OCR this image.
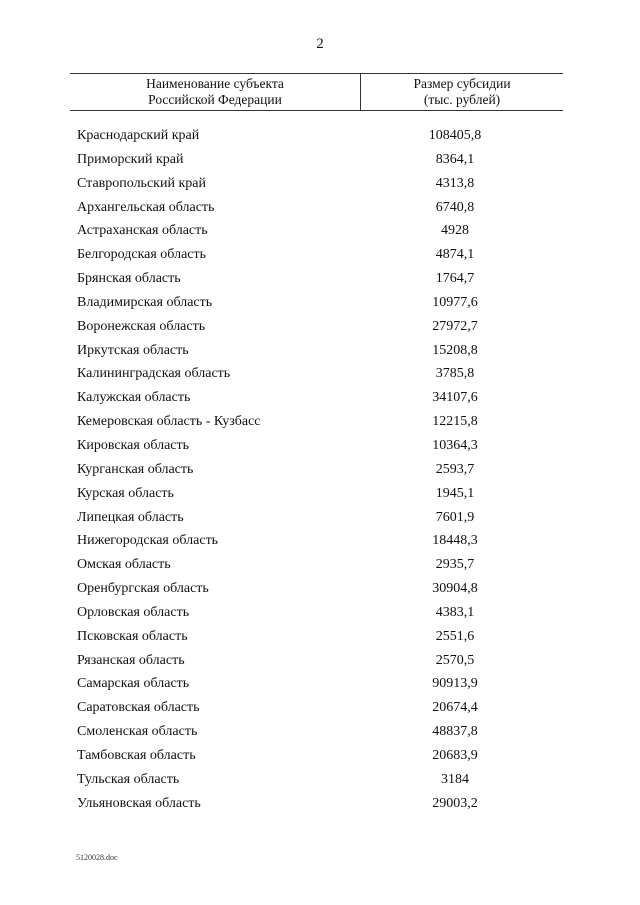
2
Наименование субъекта
Российской Федерации
Размер субсидии
(тыс. рублей)
Краснодарский край	108405,8
Приморский край	8364,1
Ставропольский край	4313,8
Архангельская область	6740,8
Астраханская область	4928
Белгородская область	4874,1
Брянская область	1764,7
Владимирская область	10977,6
Воронежская область	27972,7
Иркутская область	15208,8
Калининградская область	3785,8
Калужская область	34107,6
Кемеровская область - Кузбасс	12215,8
Кировская область	10364,3
Курганская область	2593,7
Курская область	1945,1
Липецкая область	7601,9
Нижегородская область	18448,3
Омская область	2935,7
Оренбургская область	30904,8
Орловская область	4383,1
Псковская область	2551,6
Рязанская область	2570,5
Самарская область	90913,9
Саратовская область	20674,4
Смоленская область	48837,8
Тамбовская область	20683,9
Тульская область	3184
Ульяновская область	29003,2
5120028.doc
